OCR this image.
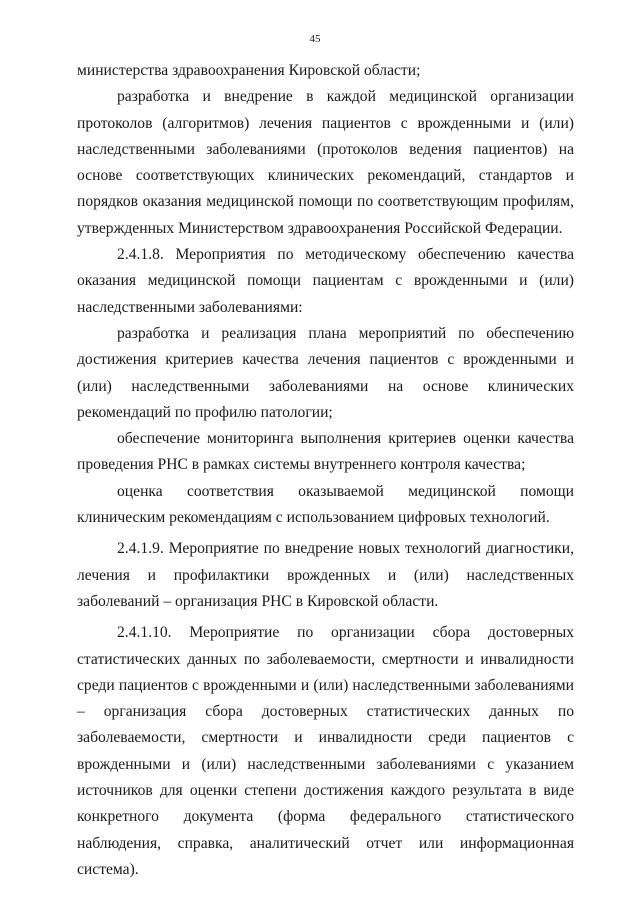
45

министерства здравоохранения Кировской области;

разработка и внедрение в каждой медицинской организации протоколов (алгоритмов) лечения пациентов с врожденными и (или) наследственными заболеваниями (протоколов ведения пациентов) на основе соответствующих клинических рекомендаций, стандартов и порядков оказания медицинской помощи по соответствующим профилям, утвержденных Министерством здравоохранения Российской Федерации.

2.4.1.8. Мероприятия по методическому обеспечению качества оказания медицинской помощи пациентам с врожденными и (или) наследственными заболеваниями:

разработка и реализация плана мероприятий по обеспечению достижения критериев качества лечения пациентов с врожденными и (или) наследственными заболеваниями на основе клинических рекомендаций по профилю патологии;

обеспечение мониторинга выполнения критериев оценки качества проведения РНС в рамках системы внутреннего контроля качества;

оценка соответствия оказываемой медицинской помощи клиническим рекомендациям с использованием цифровых технологий.

2.4.1.9. Мероприятие по внедрение новых технологий диагностики, лечения и профилактики врожденных и (или) наследственных заболеваний – организация РНС в Кировской области.

2.4.1.10. Мероприятие по организации сбора достоверных статистических данных по заболеваемости, смертности и инвалидности среди пациентов с врожденными и (или) наследственными заболеваниями – организация сбора достоверных статистических данных по заболеваемости, смертности и инвалидности среди пациентов с врожденными и (или) наследственными заболеваниями с указанием источников для оценки степени достижения каждого результата в виде конкретного документа (форма федерального статистического наблюдения, справка, аналитический отчет или информационная система).
